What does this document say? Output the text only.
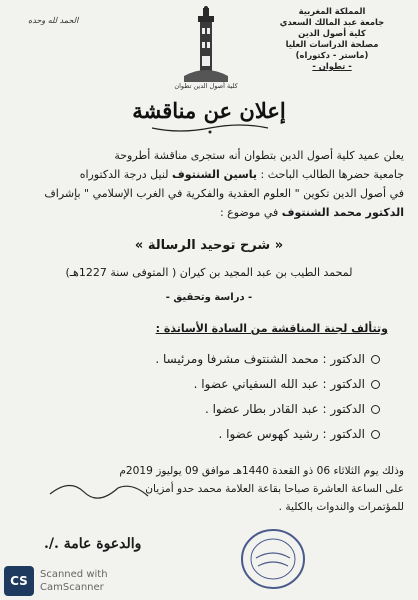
المملكة المغربية
جامعة عبد المالك السعدي
كلية أصول الدين
مصلحة الدراسات العليا
(ماستر - دكتوراه)
- تطوان -
الحمد لله وحده
كلية أصول الدين تطوان
إعلان عن مناقشة
يعلن عميد كلية أصول الدين بتطوان أنه ستجرى مناقشة أطروحة
جامعية حضرها الطالب الباحث : ياسين الشنتوف لنيل درجة الدكتوراه
في أصول الدين تكوين " العلوم العقدية والفكرية في الغرب الإسلامي " بإشراف
الدكتور محمد الشنتوف في موضوع :
« شرح توحيد الرسالة »
لمحمد الطيب بن عبد المجيد بن كيران ( المتوفى سنة 1227هـ)
- دراسة وتحقيق -
وتتألف لجنة المناقشة من السادة الأساتذة :
الدكتور : محمد الشنتوف مشرفا ومرئيسا .
الدكتور : عبد الله السفياني عضوا .
الدكتور : عبد القادر بطار عضوا .
الدكتور : رشيد كهوس عضوا .
وذلك يوم الثلاثاء 06 ذو القعدة 1440هـ موافق 09 يوليوز 2019م
على الساعة العاشرة صباحا بقاعة العلامة محمد حدو أمزيان
للمؤتمرات والندوات بالكلية .
والدعوة عامة ./.
CS	Scanned with
CamScanner
